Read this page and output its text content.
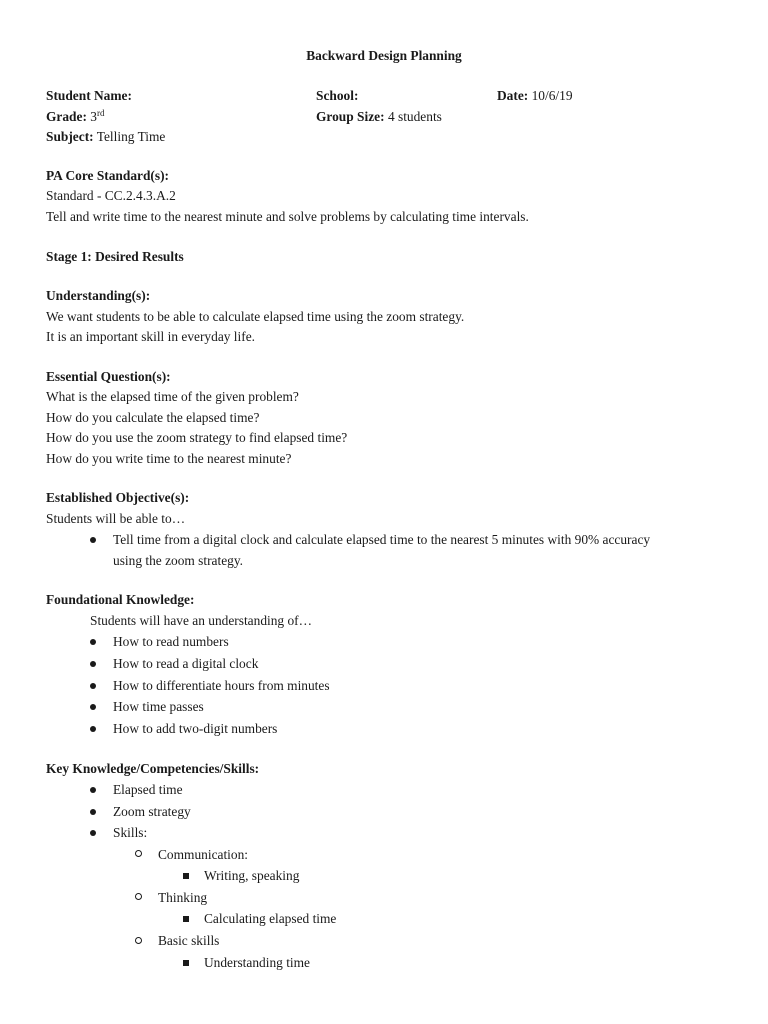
Backward Design Planning
Student Name:	School:	Date: 10/6/19
Grade: 3rd	Group Size: 4 students
Subject: Telling Time
PA Core Standard(s):
Standard - CC.2.4.3.A.2
Tell and write time to the nearest minute and solve problems by calculating time intervals.
Stage 1: Desired Results
Understanding(s):
We want students to be able to calculate elapsed time using the zoom strategy.
It is an important skill in everyday life.
Essential Question(s):
What is the elapsed time of the given problem?
How do you calculate the elapsed time?
How do you use the zoom strategy to find elapsed time?
How do you write time to the nearest minute?
Established Objective(s):
Students will be able to…
Tell time from a digital clock and calculate elapsed time to the nearest 5 minutes with 90% accuracy
using the zoom strategy.
Foundational Knowledge:
Students will have an understanding of…
How to read numbers
How to read a digital clock
How to differentiate hours from minutes
How time passes
How to add two-digit numbers
Key Knowledge/Competencies/Skills:
Elapsed time
Zoom strategy
Skills:
Communication:
Writing, speaking
Thinking
Calculating elapsed time
Basic skills
Understanding time
